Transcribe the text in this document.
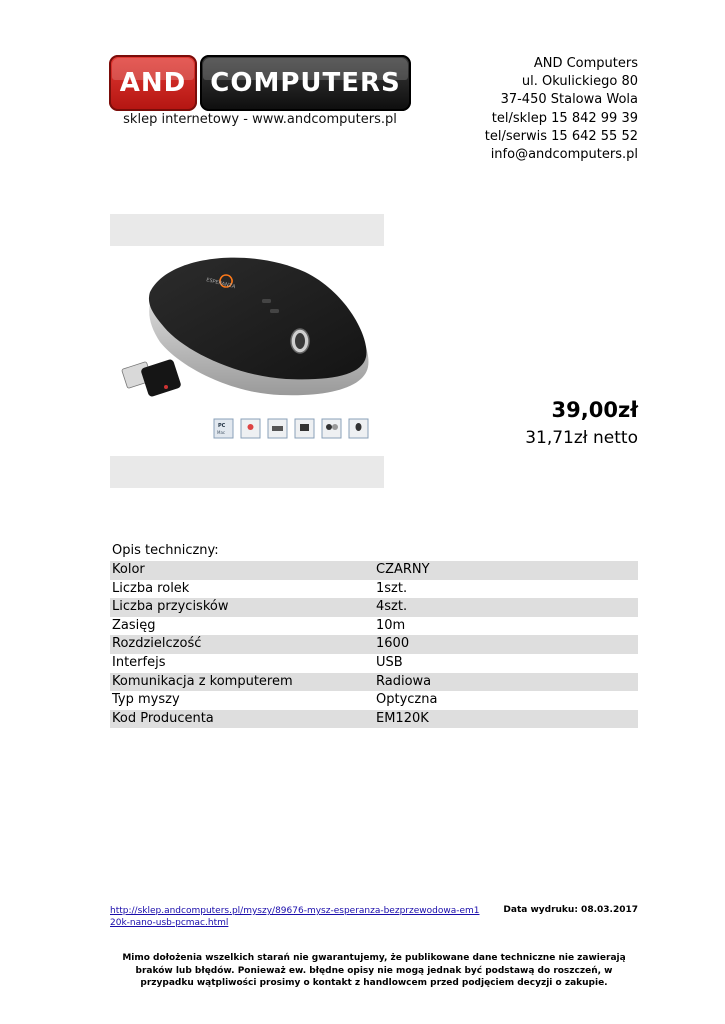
AND COMPUTERS
sklep internetowy - www.andcomputers.pl
AND Computers
ul. Okulickiego 80
37-450 Stalowa Wola
tel/sklep 15 842 99 39
tel/serwis 15 642 55 52
info@andcomputers.pl
ESPERANZA
PC
Mac
39,00zł
31,71zł netto
Opis techniczny:
Kolor	CZARNY
Liczba rolek	1szt.
Liczba przycisków	4szt.
Zasięg	10m
Rozdzielczość	1600
Interfejs	USB
Komunikacja z komputerem	Radiowa
Typ myszy	Optyczna
Kod Producenta	EM120K
http://sklep.andcomputers.pl/myszy/89676-mysz-esperanza-bezprzewodowa-em120k-nano-usb-pcmac.html
Data wydruku: 08.03.2017
Mimo dołożenia wszelkich starań nie gwarantujemy, że publikowane dane techniczne nie zawierają braków lub błędów. Ponieważ ew. błędne opisy nie mogą jednak być podstawą do roszczeń, w przypadku wątpliwości prosimy o kontakt z handlowcem przed podjęciem decyzji o zakupie.
